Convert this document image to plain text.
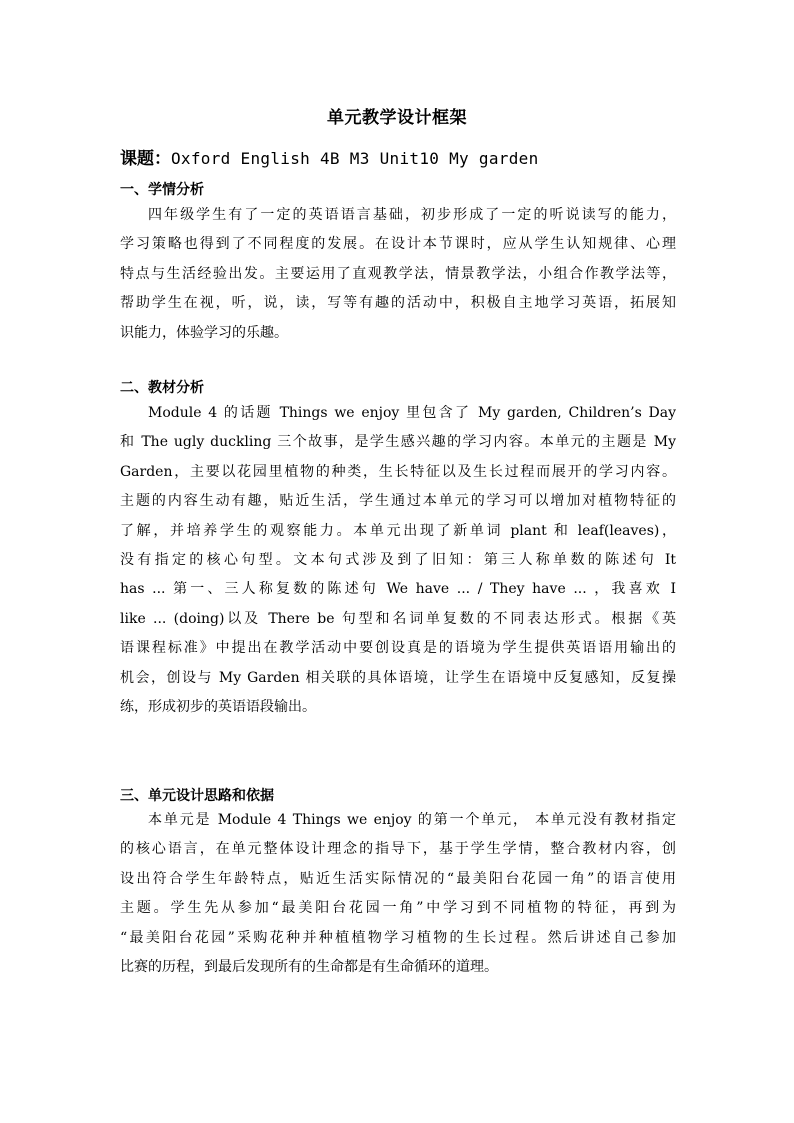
单元教学设计框架
课题：Oxford English 4B M3 Unit10 My garden
一、学情分析
四年级学生有了一定的英语语言基础，初步形成了一定的听说读写的能力，
学习策略也得到了不同程度的发展。在设计本节课时，应从学生认知规律、心理
特点与生活经验出发。主要运用了直观教学法，情景教学法，小组合作教学法等，
帮助学生在视，听，说，读，写等有趣的活动中，积极自主地学习英语，拓展知
识能力，体验学习的乐趣。
二、教材分析
Module 4 的话题 Things we enjoy 里包含了 My garden, Children’s Day
和 The ugly duckling 三个故事，是学生感兴趣的学习内容。本单元的主题是 My
Garden，主要以花园里植物的种类，生长特征以及生长过程而展开的学习内容。
主题的内容生动有趣，贴近生活，学生通过本单元的学习可以增加对植物特征的
了解，并培养学生的观察能力。本单元出现了新单词 plant 和 leaf(leaves)，
没有指定的核心句型。文本句式涉及到了旧知：第三人称单数的陈述句 It
has ... 第一、三人称复数的陈述句 We have ... / They have ... ，我喜欢 I
like ... (doing)以及 There be 句型和名词单复数的不同表达形式。根据《英
语课程标准》中提出在教学活动中要创设真是的语境为学生提供英语语用输出的
机会，创设与 My Garden 相关联的具体语境，让学生在语境中反复感知，反复操
练，形成初步的英语语段输出。
三、单元设计思路和依据
本单元是 Module 4 Things we enjoy 的第一个单元， 本单元没有教材指定
的核心语言，在单元整体设计理念的指导下，基于学生学情，整合教材内容，创
设出符合学生年龄特点，贴近生活实际情况的“最美阳台花园一角”的语言使用
主题。学生先从参加“最美阳台花园一角”中学习到不同植物的特征，再到为
“最美阳台花园”采购花种并种植植物学习植物的生长过程。然后讲述自己参加
比赛的历程，到最后发现所有的生命都是有生命循环的道理。
